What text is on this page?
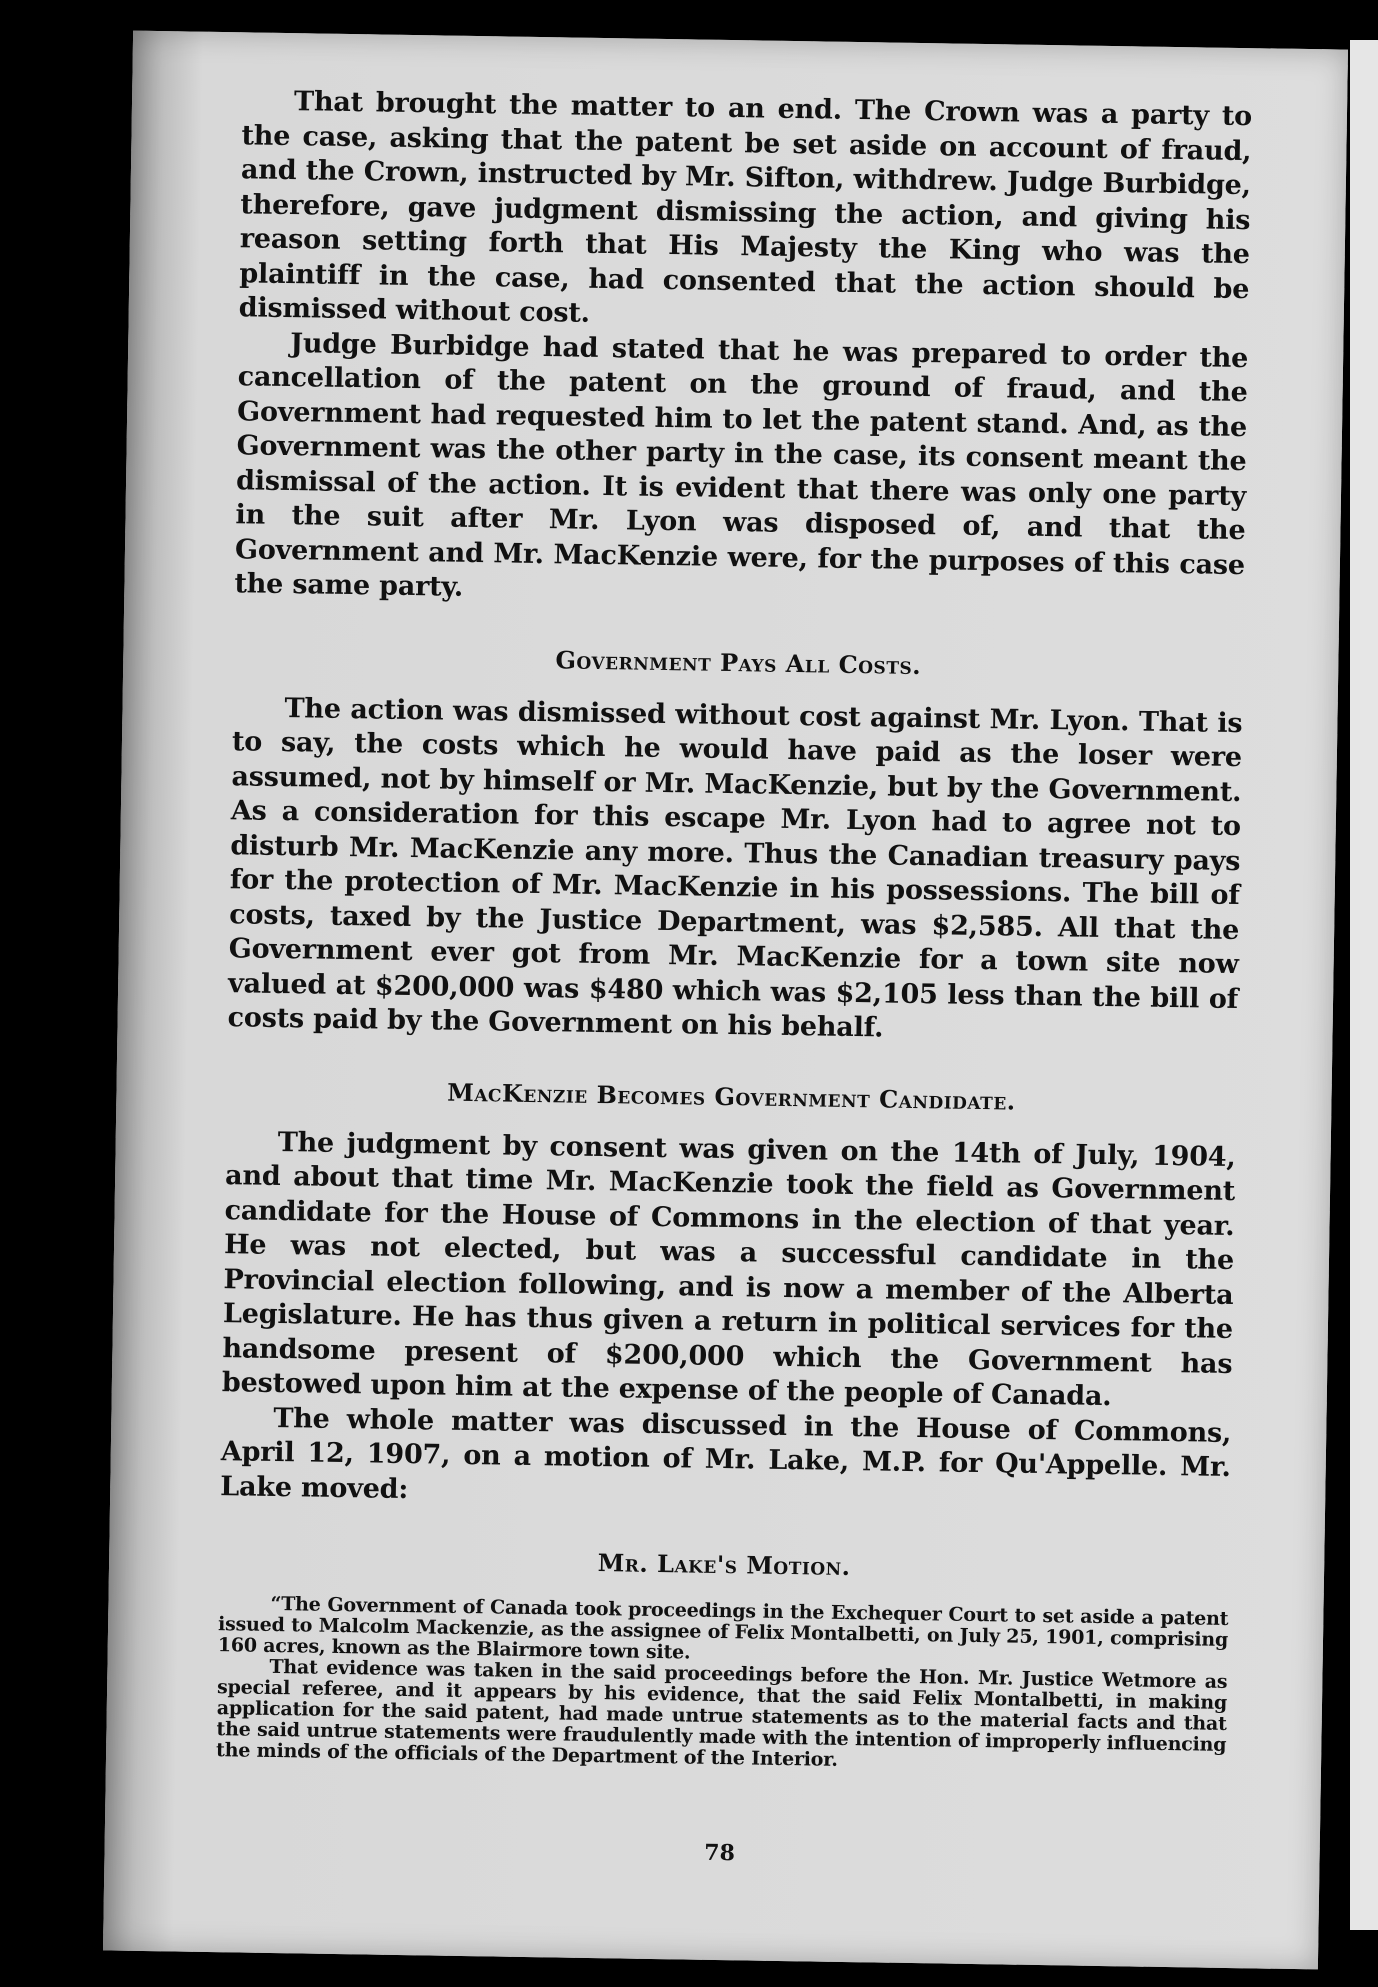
That brought the matter to an end. The Crown was a party to the case, asking that the patent be set aside on account of fraud, and the Crown, instructed by Mr. Sifton, withdrew. Judge Burbidge, therefore, gave judgment dismissing the action, and giving his reason setting forth that His Majesty the King who was the plaintiff in the case, had consented that the action should be dismissed without cost.

Judge Burbidge had stated that he was prepared to order the cancellation of the patent on the ground of fraud, and the Government had requested him to let the patent stand. And, as the Government was the other party in the case, its consent meant the dismissal of the action. It is evident that there was only one party in the suit after Mr. Lyon was disposed of, and that the Government and Mr. MacKenzie were, for the purposes of this case the same party.

Government Pays All Costs.

The action was dismissed without cost against Mr. Lyon. That is to say, the costs which he would have paid as the loser were assumed, not by himself or Mr. MacKenzie, but by the Government. As a consideration for this escape Mr. Lyon had to agree not to disturb Mr. MacKenzie any more. Thus the Canadian treasury pays for the protection of Mr. MacKenzie in his possessions. The bill of costs, taxed by the Justice Department, was $2,585. All that the Government ever got from Mr. MacKenzie for a town site now valued at $200,000 was $480 which was $2,105 less than the bill of costs paid by the Government on his behalf.

MacKenzie Becomes Government Candidate.

The judgment by consent was given on the 14th of July, 1904, and about that time Mr. MacKenzie took the field as Government candidate for the House of Commons in the election of that year. He was not elected, but was a successful candidate in the Provincial election following, and is now a member of the Alberta Legislature. He has thus given a return in political services for the handsome present of $200,000 which the Government has bestowed upon him at the expense of the people of Canada.

The whole matter was discussed in the House of Commons, April 12, 1907, on a motion of Mr. Lake, M.P. for Qu'Appelle. Mr. Lake moved:

Mr. Lake's Motion.

“The Government of Canada took proceedings in the Exchequer Court to set aside a patent issued to Malcolm Mackenzie, as the assignee of Felix Montalbetti, on July 25, 1901, comprising 160 acres, known as the Blairmore town site.

That evidence was taken in the said proceedings before the Hon. Mr. Justice Wetmore as special referee, and it appears by his evidence, that the said Felix Montalbetti, in making application for the said patent, had made untrue statements as to the material facts and that the said untrue statements were fraudulently made with the intention of improperly influencing the minds of the officials of the Department of the Interior.

78
